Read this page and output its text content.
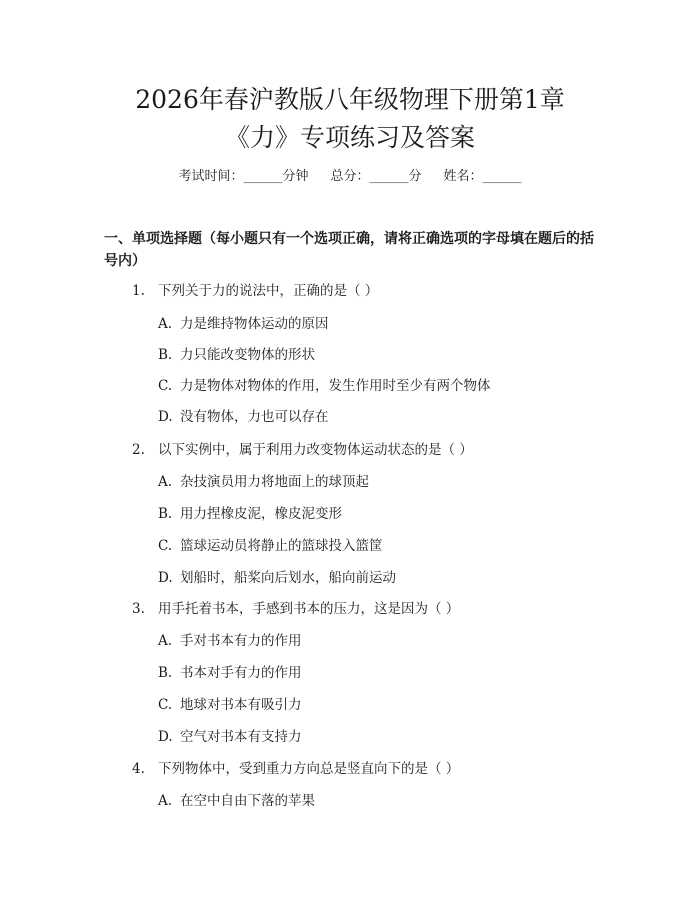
2026年春沪教版八年级物理下册第1章
《力》专项练习及答案
考试时间：______分钟 总分：______分 姓名：______
一、单项选择题（每小题只有一个选项正确，请将正确选项的字母填在题后的括
号内）
1. 下列关于力的说法中，正确的是（ ）
A. 力是维持物体运动的原因
B. 力只能改变物体的形状
C. 力是物体对物体的作用，发生作用时至少有两个物体
D. 没有物体，力也可以存在
2. 以下实例中，属于利用力改变物体运动状态的是（ ）
A. 杂技演员用力将地面上的球顶起
B. 用力捏橡皮泥，橡皮泥变形
C. 篮球运动员将静止的篮球投入篮筐
D. 划船时，船桨向后划水，船向前运动
3. 用手托着书本，手感到书本的压力，这是因为（ ）
A. 手对书本有力的作用
B. 书本对手有力的作用
C. 地球对书本有吸引力
D. 空气对书本有支持力
4. 下列物体中，受到重力方向总是竖直向下的是（ ）
A. 在空中自由下落的苹果
